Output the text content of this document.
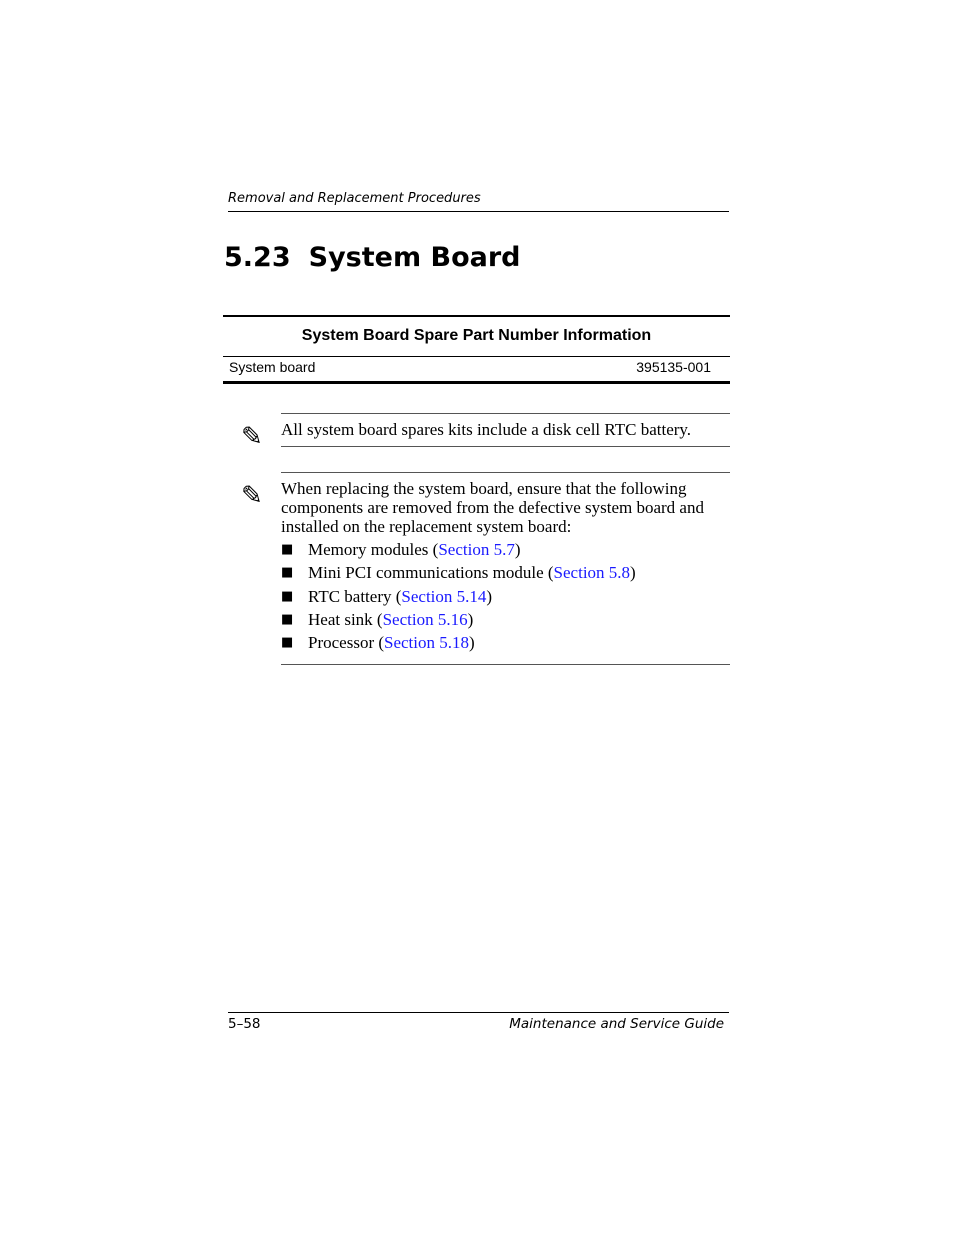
Removal and Replacement Procedures
5.23 System Board
System Board Spare Part Number Information
System board	395135-001
✎ All system board spares kits include a disk cell RTC battery.
✎ When replacing the system board, ensure that the following components are removed from the defective system board and installed on the replacement system board:
■ Memory modules (Section 5.7)
■ Mini PCI communications module (Section 5.8)
■ RTC battery (Section 5.14)
■ Heat sink (Section 5.16)
■ Processor (Section 5.18)
5–58	Maintenance and Service Guide
